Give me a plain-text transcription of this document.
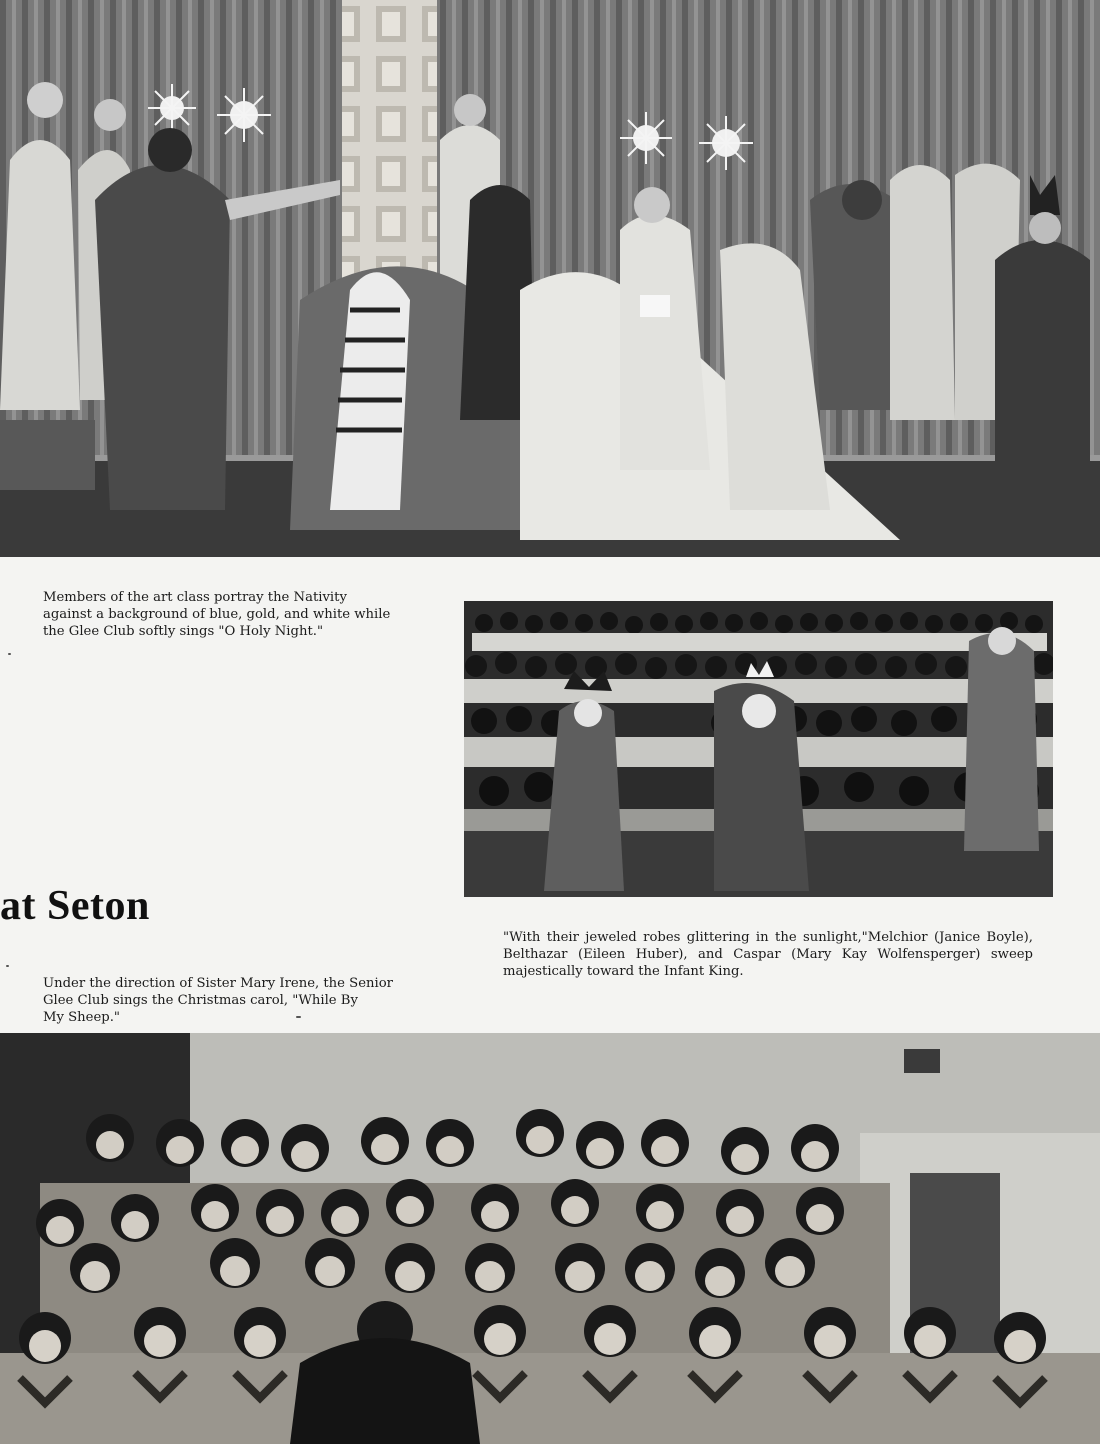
Members of the art class portray the Nativity
against a background of blue, gold, and white while
the Glee Club softly sings "O Holy Night."

at Seton

"With their jeweled robes glittering in the sunlight,"Melchior (Janice Boyle), Belthazar (Eileen Huber), and Caspar (Mary Kay Wolfensperger) sweep majestically toward the Infant King.

Under the direction of Sister Mary Irene, the Senior
Glee Club sings the Christmas carol, "While By
My Sheep."
